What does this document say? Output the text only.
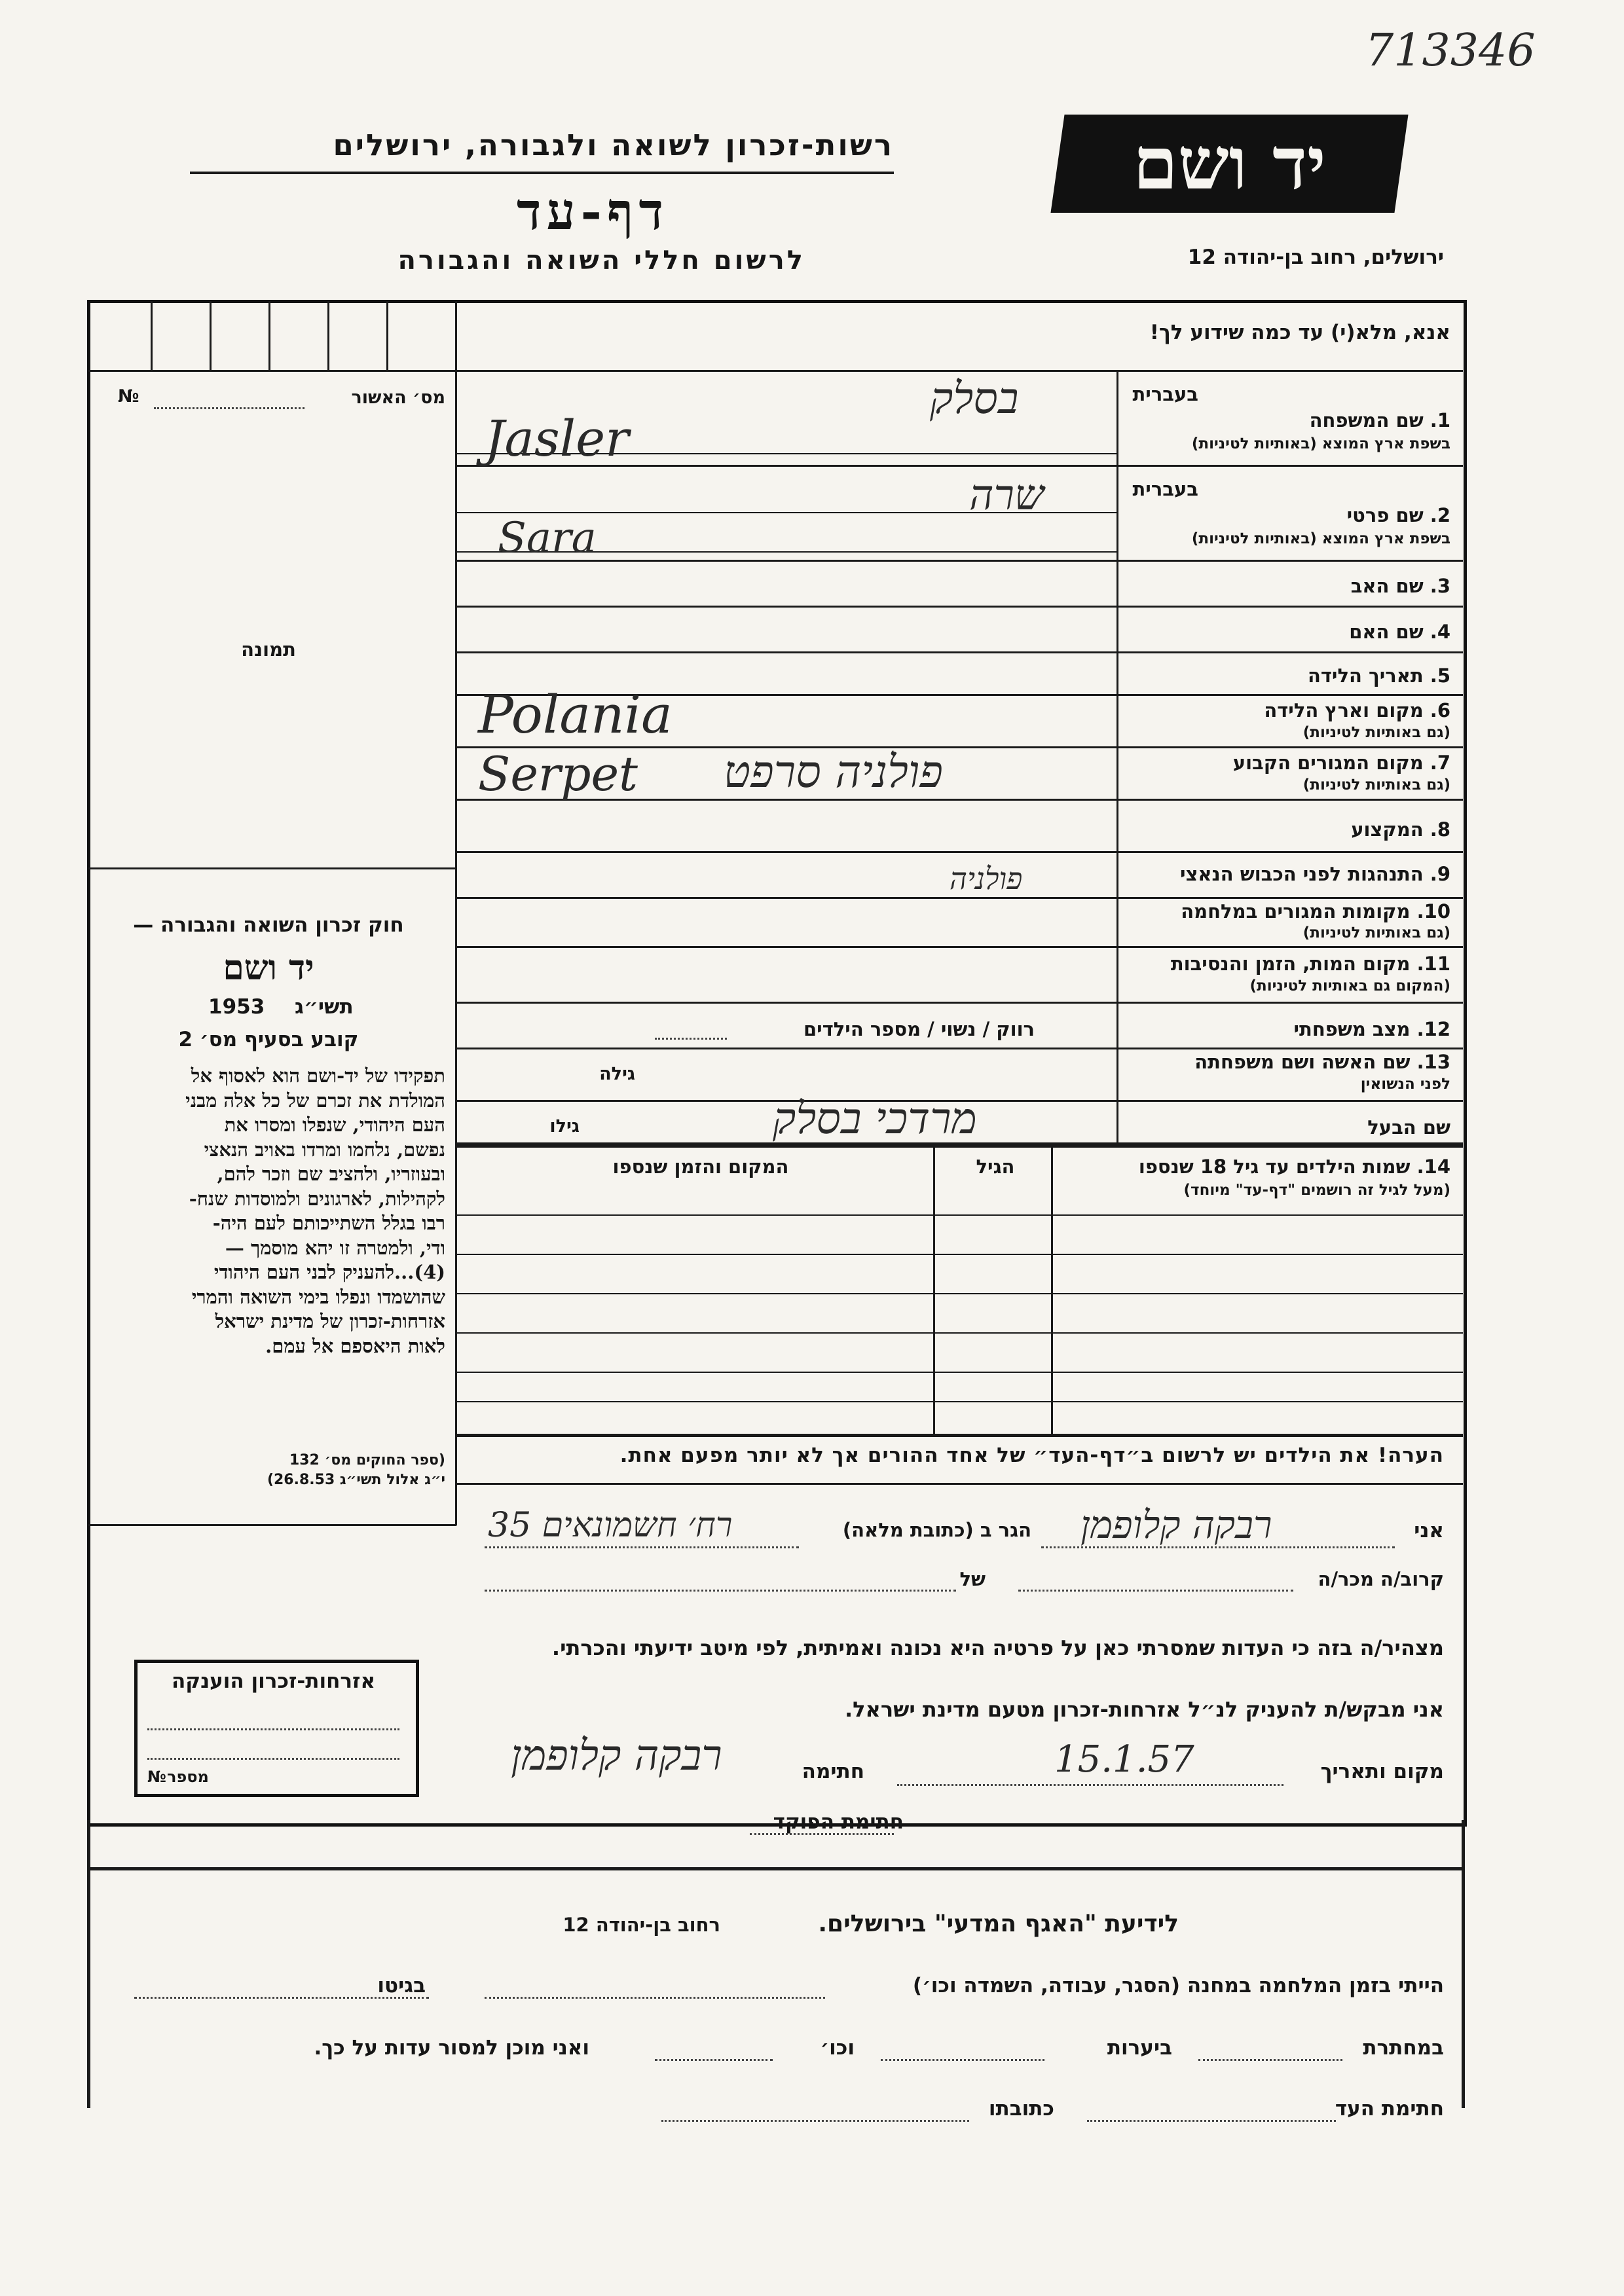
713346
יד ושם
רשות-זכרון לשואה ולגבורה, ירושלים
דף-עד
לרשום חללי השואה והגבורה	ירושלים, רחוב בן-יהודה 12
מס׳ האשור
№
תמונה
חוק זכרון השואה והגבורה —
יד ושם
תשי״ג
1953
קובע בסעיף מס׳ 2
תפקידו של יד-ושם הוא לאסוף אל
המולדת את זכרם של כל אלה מבני
העם היהודי, שנפלו ומסרו את
נפשם, נלחמו ומרדו באויב הנאצי
ובעוזריו, ולהציב שם וזכר להם,
לקהילות, לארגונים ולמוסדות שנח-
רבו בגלל השתייכותם לעם היה-
ודי, ולמטרה זו יהא מוסמך —
(4)...להעניק לבני העם היהודי
שהושמדו ונפלו בימי השואה והמרי
אזרחות-זכרון של מדינת ישראל
לאות היאספם אל עמם.
(ספר החוקים מס׳ 132
י״ג אלול תשי״ג 26.8.53)
אנא, מלא(י) עד כמה שידוע לך!
בעברית
1. שם המשפחה
בשפת ארץ המוצא (באותיות לטיניות)
בסלק
Jasler
בעברית
2. שם פרטי
בשפת ארץ המוצא (באותיות לטיניות)
שרה
Sara
3. שם האב
4. שם האם
5. תאריך הלידה
6. מקום וארץ הלידה
(גם באותיות לטיניות)
Polania
7. מקום המגורים הקבוע
(גם באותיות לטיניות)
Serpet פולניה סרפט
8. המקצוע
9. התנהגות לפני הכבוש הנאצי
פולניה
10. מקומות המגורים במלחמה
(גם באותיות לטיניות)
11. מקום המות, הזמן והנסיבות
(המקום גם באותיות לטיניות)
12. מצב משפחתי
רווק / נשוי / מספר הילדים
13. שם האשה ושם משפחתה
לפני הנשואין
גילה
שם הבעל
גילו	מרדכי בסלק
14. שמות הילדים עד גיל 18 שנספו
(מעל לגיל זה רושמים "דף-עד" מיוחד)
הגיל
המקום והזמן שנספו
הערה! את הילדים יש לרשום ב״דף-העד״ של אחד ההורים אך לא יותר מפעם אחת.
אני
רבקה קלופמן
הגר ב (כתובת מלאה)
רח׳ חשמונאים 35
קרוב/ה מכר/ה
של
מצהיר/ה בזה כי העדות שמסרתי כאן על פרטיה היא נכונה ואמיתית, לפי מיטב ידיעתי והכרתי.
אני מבקש/ת להעניק לנ״ל אזרחות-זכרון מטעם מדינת ישראל.
מקום ותאריך
15.1.57
חתימה
רבקה קלופמן
חתימת הפוקד
אזרחות-זכרון הוענקה
מספר
№
לידיעת "האגף המדעי" בירושלים.
רחוב בן-יהודה 12
הייתי בזמן המלחמה במחנה (הסגר, עבודה, השמדה וכו׳)
בגיטו
במחתרת
ביערות
וכו׳
ואני מוכן למסור עדות על כך.
חתימת העד
כתובתו
